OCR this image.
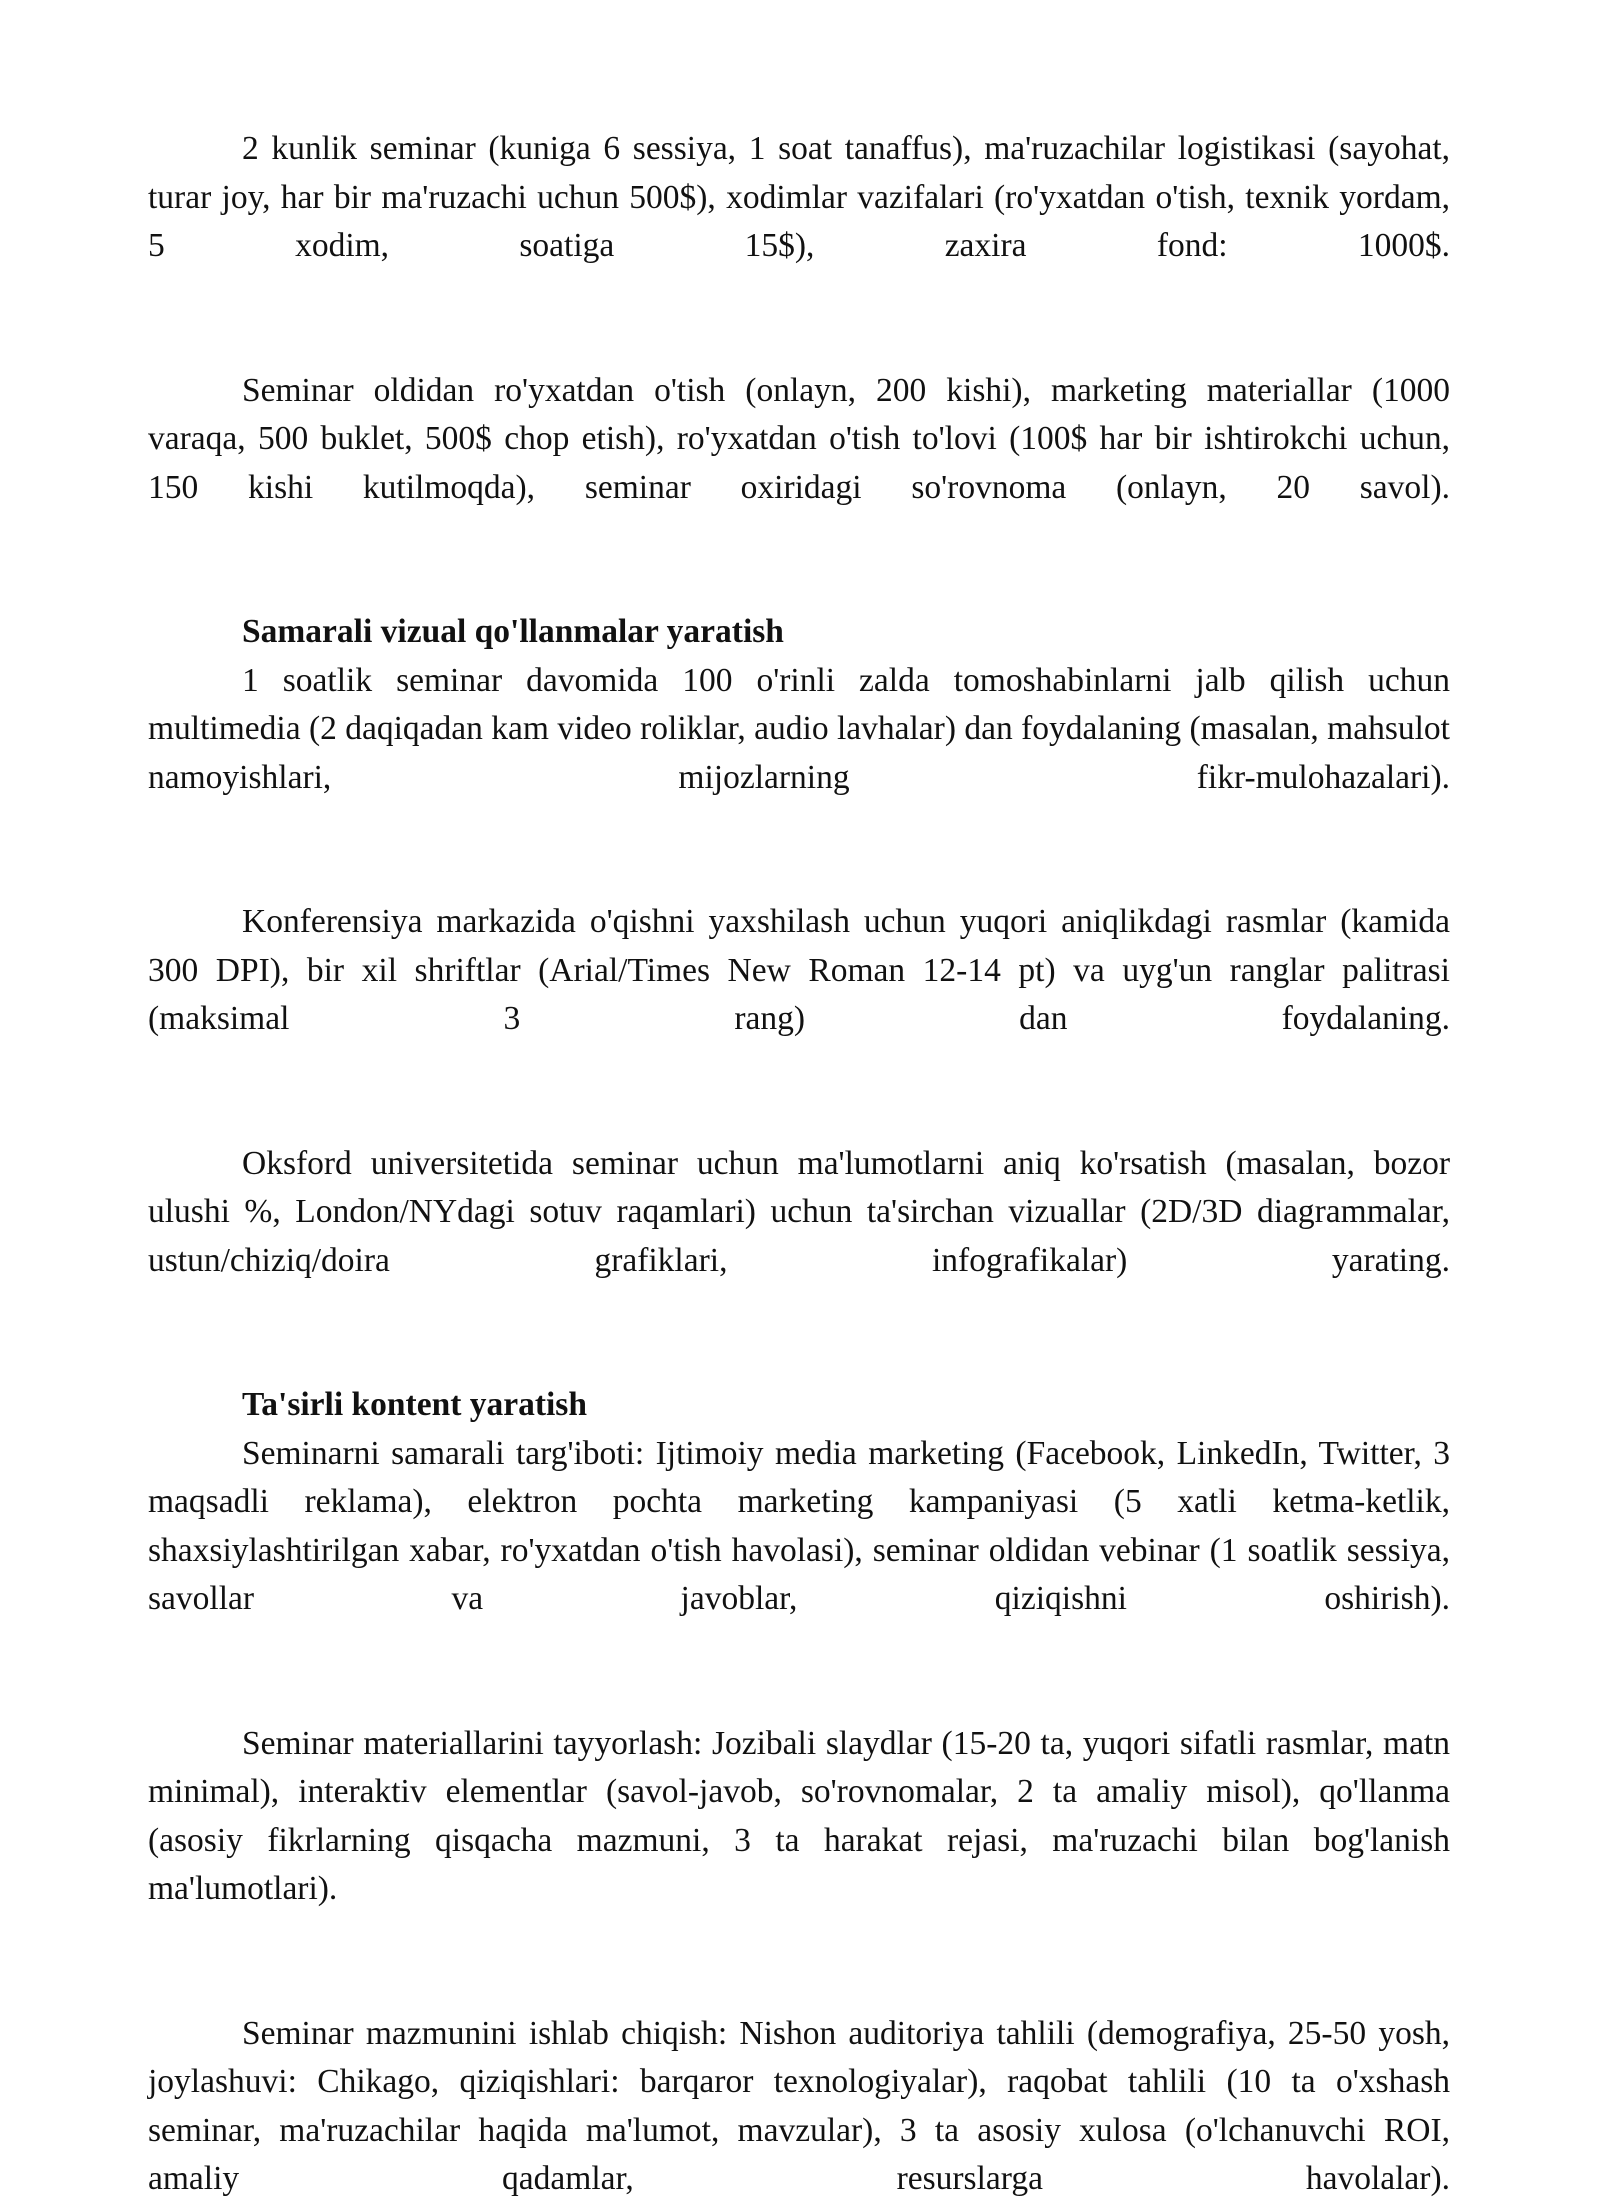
2 kunlik seminar (kuniga 6 sessiya, 1 soat tanaffus), ma'ruzachilar logistikasi (sayohat, turar joy, har bir ma'ruzachi uchun 500$), xodimlar vazifalari (ro'yxatdan o'tish, texnik yordam, 5 xodim, soatiga 15$), zaxira fond: 1000$.

Seminar oldidan ro'yxatdan o'tish (onlayn, 200 kishi), marketing materiallar (1000 varaqa, 500 buklet, 500$ chop etish), ro'yxatdan o'tish to'lovi (100$ har bir ishtirokchi uchun, 150 kishi kutilmoqda), seminar oxiridagi so'rovnoma (onlayn, 20 savol).

Samarali vizual qo'llanmalar yaratish

1 soatlik seminar davomida 100 o'rinli zalda tomoshabinlarni jalb qilish uchun multimedia (2 daqiqadan kam video roliklar, audio lavhalar) dan foydalaning (masalan, mahsulot namoyishlari, mijozlarning fikr-mulohazalari).

Konferensiya markazida o'qishni yaxshilash uchun yuqori aniqlikdagi rasmlar (kamida 300 DPI), bir xil shriftlar (Arial/Times New Roman 12-14 pt) va uyg'un ranglar palitrasi (maksimal 3 rang) dan foydalaning.

Oksford universitetida seminar uchun ma'lumotlarni aniq ko'rsatish (masalan, bozor ulushi %, London/NYdagi sotuv raqamlari) uchun ta'sirchan vizuallar (2D/3D diagrammalar, ustun/chiziq/doira grafiklari, infografikalar) yarating.

Ta'sirli kontent yaratish

Seminarni samarali targ'iboti: Ijtimoiy media marketing (Facebook, LinkedIn, Twitter, 3 maqsadli reklama), elektron pochta marketing kampaniyasi (5 xatli ketma-ketlik, shaxsiylashtirilgan xabar, ro'yxatdan o'tish havolasi), seminar oldidan vebinar (1 soatlik sessiya, savollar va javoblar, qiziqishni oshirish).

Seminar materiallarini tayyorlash: Jozibali slaydlar (15-20 ta, yuqori sifatli rasmlar, matn minimal), interaktiv elementlar (savol-javob, so'rovnomalar, 2 ta amaliy misol), qo'llanma (asosiy fikrlarning qisqacha mazmuni, 3 ta harakat rejasi, ma'ruzachi bilan bog'lanish ma'lumotlari).

Seminar mazmunini ishlab chiqish: Nishon auditoriya tahlili (demografiya, 25-50 yosh, joylashuvi: Chikago, qiziqishlari: barqaror texnologiyalar), raqobat tahlili (10 ta o'xshash seminar, ma'ruzachilar haqida ma'lumot, mavzular), 3 ta asosiy xulosa (o'lchanuvchi ROI, amaliy qadamlar, resurslarga havolalar).
